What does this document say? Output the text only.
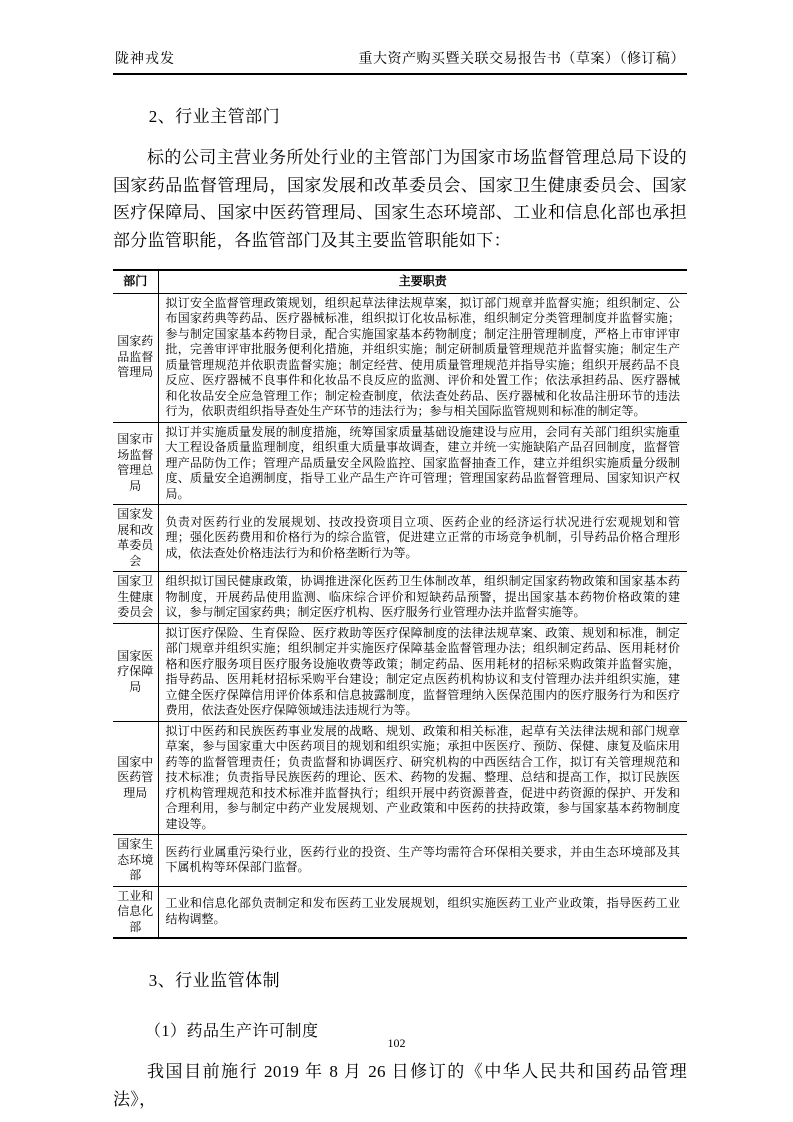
陇神戎发	重大资产购买暨关联交易报告书（草案）（修订稿）
2、行业主管部门

标的公司主营业务所处行业的主管部门为国家市场监督管理总局下设的国家药品监督管理局，国家发展和改革委员会、国家卫生健康委员会、国家医疗保障局、国家中医药管理局、国家生态环境部、工业和信息化部也承担部分监管职能，各监管部门及其主要监管职能如下：

部门	主要职责
国家药品监督管理局	拟订安全监督管理政策规划，组织起草法律法规草案，拟订部门规章并监督实施；组织制定、公布国家药典等药品、医疗器械标准，组织拟订化妆品标准，组织制定分类管理制度并监督实施；参与制定国家基本药物目录，配合实施国家基本药物制度；制定注册管理制度，严格上市审评审批，完善审评审批服务便利化措施，并组织实施；制定研制质量管理规范并监督实施；制定生产质量管理规范并依职责监督实施；制定经营、使用质量管理规范并指导实施；组织开展药品不良反应、医疗器械不良事件和化妆品不良反应的监测、评价和处置工作；依法承担药品、医疗器械和化妆品安全应急管理工作；制定检查制度，依法查处药品、医疗器械和化妆品注册环节的违法行为，依职责组织指导查处生产环节的违法行为；参与相关国际监管规则和标准的制定等。
国家市场监督管理总局	拟订并实施质量发展的制度措施，统筹国家质量基础设施建设与应用，会同有关部门组织实施重大工程设备质量监理制度，组织重大质量事故调查，建立并统一实施缺陷产品召回制度，监督管理产品防伪工作；管理产品质量安全风险监控、国家监督抽查工作，建立并组织实施质量分级制度、质量安全追溯制度，指导工业产品生产许可管理；管理国家药品监督管理局、国家知识产权局。
国家发展和改革委员会	负责对医药行业的发展规划、技改投资项目立项、医药企业的经济运行状况进行宏观规划和管理；强化医药费用和价格行为的综合监管，促进建立正常的市场竞争机制，引导药品价格合理形成，依法查处价格违法行为和价格垄断行为等。
国家卫生健康委员会	组织拟订国民健康政策，协调推进深化医药卫生体制改革，组织制定国家药物政策和国家基本药物制度，开展药品使用监测、临床综合评价和短缺药品预警，提出国家基本药物价格政策的建议，参与制定国家药典；制定医疗机构、医疗服务行业管理办法并监督实施等。
国家医疗保障局	拟订医疗保险、生育保险、医疗救助等医疗保障制度的法律法规草案、政策、规划和标准，制定部门规章并组织实施；组织制定并实施医疗保障基金监督管理办法；组织制定药品、医用耗材价格和医疗服务项目医疗服务设施收费等政策；制定药品、医用耗材的招标采购政策并监督实施，指导药品、医用耗材招标采购平台建设；制定定点医药机构协议和支付管理办法并组织实施，建立健全医疗保障信用评价体系和信息披露制度，监督管理纳入医保范围内的医疗服务行为和医疗费用，依法查处医疗保障领域违法违规行为等。
国家中医药管理局	拟订中医药和民族医药事业发展的战略、规划、政策和相关标准，起草有关法律法规和部门规章草案，参与国家重大中医药项目的规划和组织实施；承担中医医疗、预防、保健、康复及临床用药等的监督管理责任；负责监督和协调医疗、研究机构的中西医结合工作，拟订有关管理规范和技术标准；负责指导民族医药的理论、医术、药物的发掘、整理、总结和提高工作，拟订民族医疗机构管理规范和技术标准并监督执行；组织开展中药资源普查，促进中药资源的保护、开发和合理利用，参与制定中药产业发展规划、产业政策和中医药的扶持政策，参与国家基本药物制度建设等。
国家生态环境部	医药行业属重污染行业，医药行业的投资、生产等均需符合环保相关要求，并由生态环境部及其下属机构等环保部门监督。
工业和信息化部	工业和信息化部负责制定和发布医药工业发展规划，组织实施医药工业产业政策，指导医药工业结构调整。
3、行业监管体制
（1）药品生产许可制度

我国目前施行 2019 年 8 月 26 日修订的《中华人民共和国药品管理法》，

102
